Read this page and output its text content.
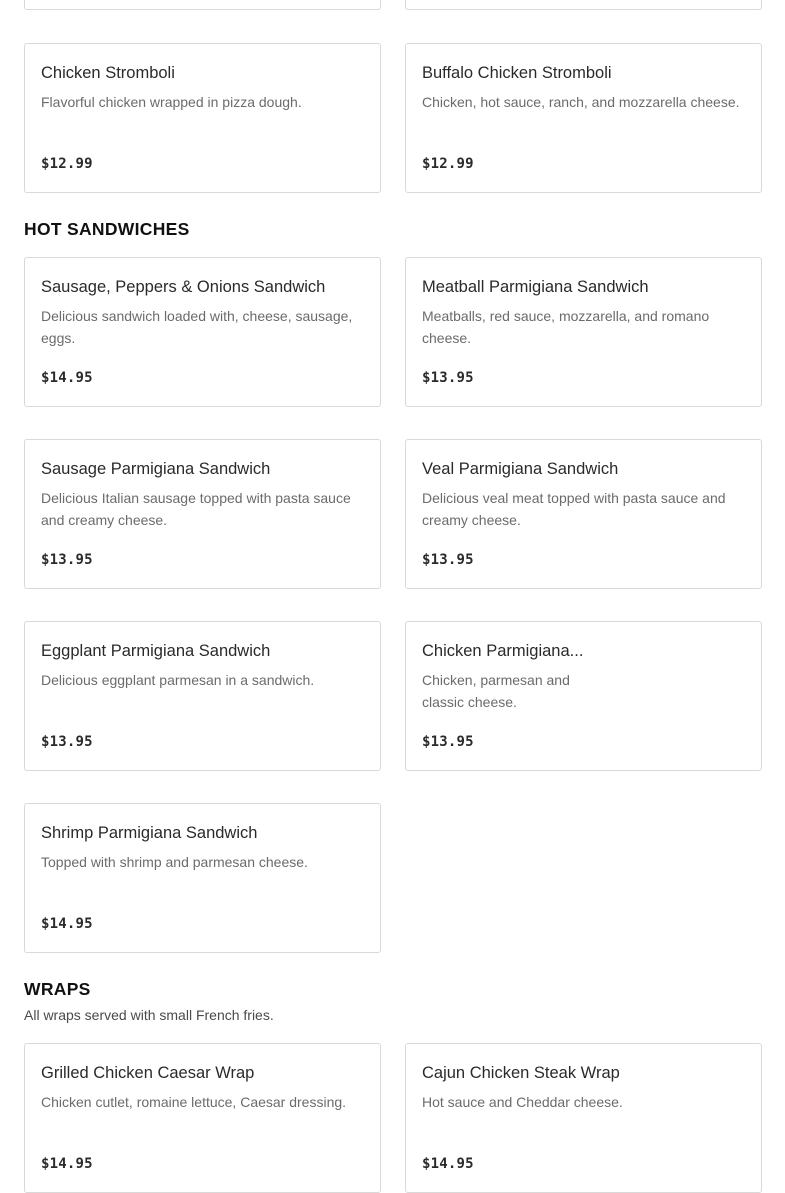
Chicken Stromboli
Flavorful chicken wrapped in pizza dough.
$12.99
Buffalo Chicken Stromboli
Chicken, hot sauce, ranch, and mozzarella cheese.
$12.99
HOT SANDWICHES
Sausage, Peppers & Onions Sandwich
Delicious sandwich loaded with, cheese, sausage, eggs.
$14.95
Meatball Parmigiana Sandwich
Meatballs, red sauce, mozzarella, and romano cheese.
$13.95
Sausage Parmigiana Sandwich
Delicious Italian sausage topped with pasta sauce and creamy cheese.
$13.95
Veal Parmigiana Sandwich
Delicious veal meat topped with pasta sauce and creamy cheese.
$13.95
Eggplant Parmigiana Sandwich
Delicious eggplant parmesan in a sandwich.
$13.95
Chicken Parmigiana...
Chicken, parmesan and classic cheese.
$13.95
Shrimp Parmigiana Sandwich
Topped with shrimp and parmesan cheese.
$14.95
WRAPS
All wraps served with small French fries.
Grilled Chicken Caesar Wrap
Chicken cutlet, romaine lettuce, Caesar dressing.
$14.95
Cajun Chicken Steak Wrap
Hot sauce and Cheddar cheese.
$14.95
